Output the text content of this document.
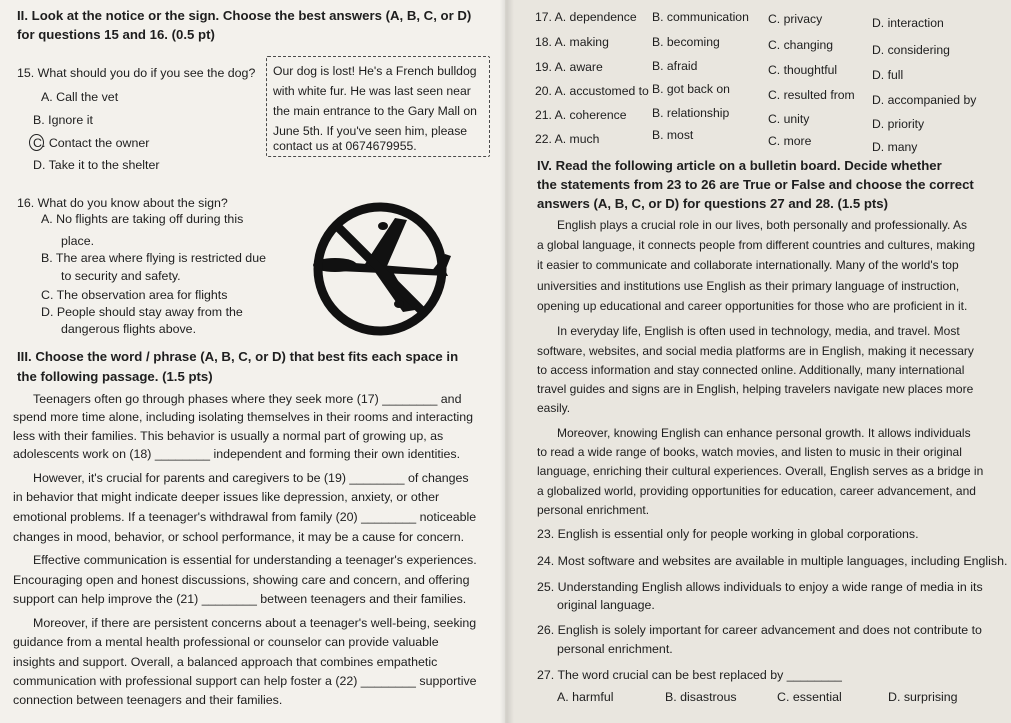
II. Look at the notice or the sign. Choose the best answers (A, B, C, or D)
for questions 15 and 16. (0.5 pt)
15. What should you do if you see the dog?
A. Call the vet
B. Ignore it
C. Contact the owner
D. Take it to the shelter
Our dog is lost! He's a French bulldog
with white fur. He was last seen near
the main entrance to the Gary Mall on
June 5th. If you've seen him, please
contact us at 0674679955.
16. What do you know about the sign?
A. No flights are taking off during this
place.
B. The area where flying is restricted due
to security and safety.
C. The observation area for flights
D. People should stay away from the
dangerous flights above.
III. Choose the word / phrase (A, B, C, or D) that best fits each space in
the following passage. (1.5 pts)
Teenagers often go through phases where they seek more (17) ________ and
spend more time alone, including isolating themselves in their rooms and interacting
less with their families. This behavior is usually a normal part of growing up, as
adolescents work on (18) ________ independent and forming their own identities.
However, it's crucial for parents and caregivers to be (19) ________ of changes
in behavior that might indicate deeper issues like depression, anxiety, or other
emotional problems. If a teenager's withdrawal from family (20) ________ noticeable
changes in mood, behavior, or school performance, it may be a cause for concern.
Effective communication is essential for understanding a teenager's experiences.
Encouraging open and honest discussions, showing care and concern, and offering
support can help improve the (21) ________ between teenagers and their families.
Moreover, if there are persistent concerns about a teenager's well-being, seeking
guidance from a mental health professional or counselor can provide valuable
insights and support. Overall, a balanced approach that combines empathetic
communication with professional support can help foster a (22) ________ supportive
connection between teenagers and their families.
17. A. dependence B. communication C. privacy	D. interaction
18. A. making	B. becoming	C. changing	D. considering
19. A. aware	B. afraid	C. thoughtful	D. full
20. A. accustomed to B. got back on	C. resulted from D. accompanied by
21. A. coherence B. relationship	C. unity	D. priority
22. A. much	B. most	C. more	D. many
IV. Read the following article on a bulletin board. Decide whether
the statements from 23 to 26 are True or False and choose the correct
answers (A, B, C, or D) for questions 27 and 28. (1.5 pts)
English plays a crucial role in our lives, both personally and professionally. As
a global language, it connects people from different countries and cultures, making
it easier to communicate and collaborate internationally. Many of the world's top
universities and institutions use English as their primary language of instruction,
opening up educational and career opportunities for those who are proficient in it.
In everyday life, English is often used in technology, media, and travel. Most
software, websites, and social media platforms are in English, making it necessary
to access information and stay connected online. Additionally, many international
travel guides and signs are in English, helping travelers navigate new places more
easily.
Moreover, knowing English can enhance personal growth. It allows individuals
to read a wide range of books, watch movies, and listen to music in their original
language, enriching their cultural experiences. Overall, English serves as a bridge in
a globalized world, providing opportunities for education, career advancement, and
personal enrichment.
23. English is essential only for people working in global corporations.
24. Most software and websites are available in multiple languages, including English.
25. Understanding English allows individuals to enjoy a wide range of media in its
original language.
26. English is solely important for career advancement and does not contribute to
personal enrichment.
27. The word crucial can be best replaced by ________
A. harmful	B. disastrous	C. essential	D. surprising
